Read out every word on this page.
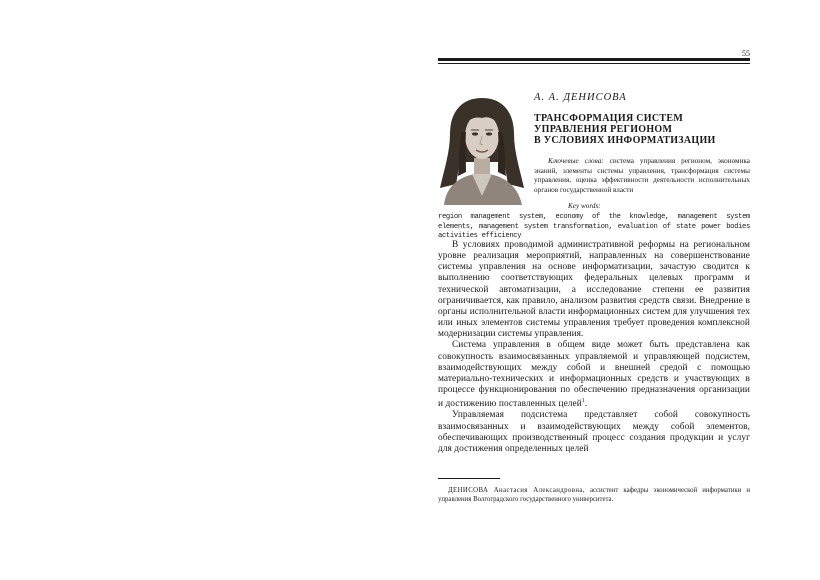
55
А. А. ДЕНИСОВА
ТРАНСФОРМАЦИЯ СИСТЕМ
УПРАВЛЕНИЯ РЕГИОНОМ
В УСЛОВИЯХ ИНФОРМАТИЗАЦИИ
Ключевые слова: система управления регионом, экономика знаний, элементы системы управления, трансформация системы управления, оценка эффективности деятельности исполнительных органов государственной власти
Key words:
region management system, economy of the knowledge, management system elements, management system transformation, evaluation of state power bodies activities efficiency

В условиях проводимой административной реформы на региональном уровне реализация мероприятий, направленных на совершенствование системы управления на основе информатизации, зачастую сводится к выполнению соответствующих федеральных целевых программ и технической автоматизации, а исследование степени ее развития ограничивается, как правило, анализом развития средств связи. Внедрение в органы исполнительной власти информационных систем для улучшения тех или иных элементов системы управления требует проведения комплексной модернизации системы управления.

Система управления в общем виде может быть представлена как совокупность взаимосвязанных управляемой и управляющей подсистем, взаимодействующих между собой и внешней средой с помощью материально-технических и информационных средств и участвующих в процессе функционирования по обеспечению предназначения организации и достижению поставленных целей$^1$.

Управляемая подсистема представляет собой совокупность взаимосвязанных и взаимодействующих между собой элементов, обеспечивающих производственный процесс создания продукции и услуг для достижения определенных целей

ДЕНИСОВА Анастасия Александровна, ассистент кафедры экономической информатики и управления Волгоградского государственного университета.
